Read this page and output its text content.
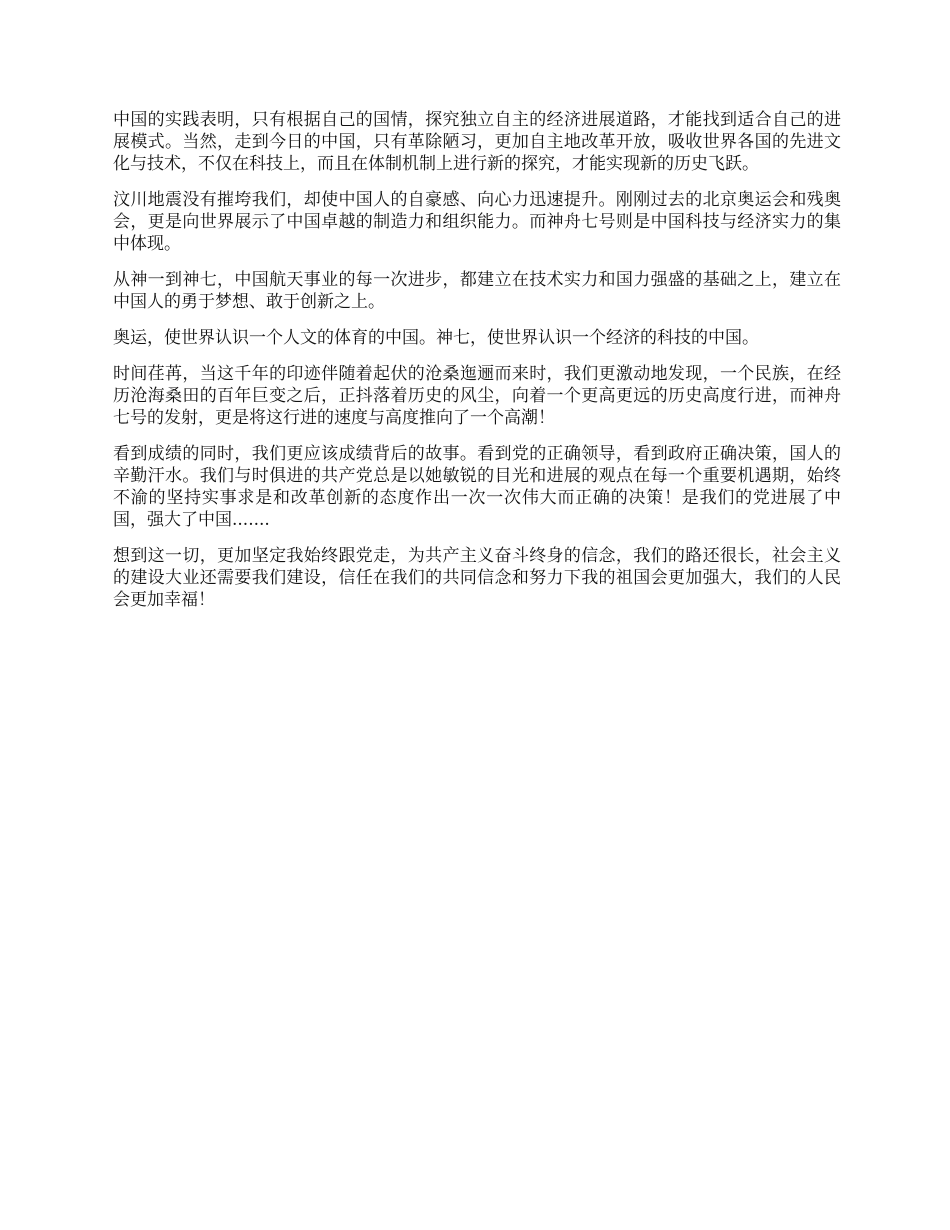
中国的实践表明，只有根据自己的国情，探究独立自主的经济进展道路，才能找到适合自己的进展模式。当然，走到今日的中国，只有革除陋习，更加自主地改革开放，吸收世界各国的先进文化与技术，不仅在科技上，而且在体制机制上进行新的探究，才能实现新的历史飞跃。

汶川地震没有摧垮我们，却使中国人的自豪感、向心力迅速提升。刚刚过去的北京奥运会和残奥会，更是向世界展示了中国卓越的制造力和组织能力。而神舟七号则是中国科技与经济实力的集中体现。

从神一到神七，中国航天事业的每一次进步，都建立在技术实力和国力强盛的基础之上，建立在中国人的勇于梦想、敢于创新之上。

奥运，使世界认识一个人文的体育的中国。神七，使世界认识一个经济的科技的中国。

时间荏苒，当这千年的印迹伴随着起伏的沧桑迤逦而来时，我们更激动地发现，一个民族，在经历沧海桑田的百年巨变之后，正抖落着历史的风尘，向着一个更高更远的历史高度行进，而神舟七号的发射，更是将这行进的速度与高度推向了一个高潮！

看到成绩的同时，我们更应该成绩背后的故事。看到党的正确领导，看到政府正确决策，国人的辛勤汗水。我们与时俱进的共产党总是以她敏锐的目光和进展的观点在每一个重要机遇期，始终不渝的坚持实事求是和改革创新的态度作出一次一次伟大而正确的决策！是我们的党进展了中国，强大了中国.......

想到这一切，更加坚定我始终跟党走，为共产主义奋斗终身的信念，我们的路还很长，社会主义的建设大业还需要我们建设，信任在我们的共同信念和努力下我的祖国会更加强大，我们的人民会更加幸福！
